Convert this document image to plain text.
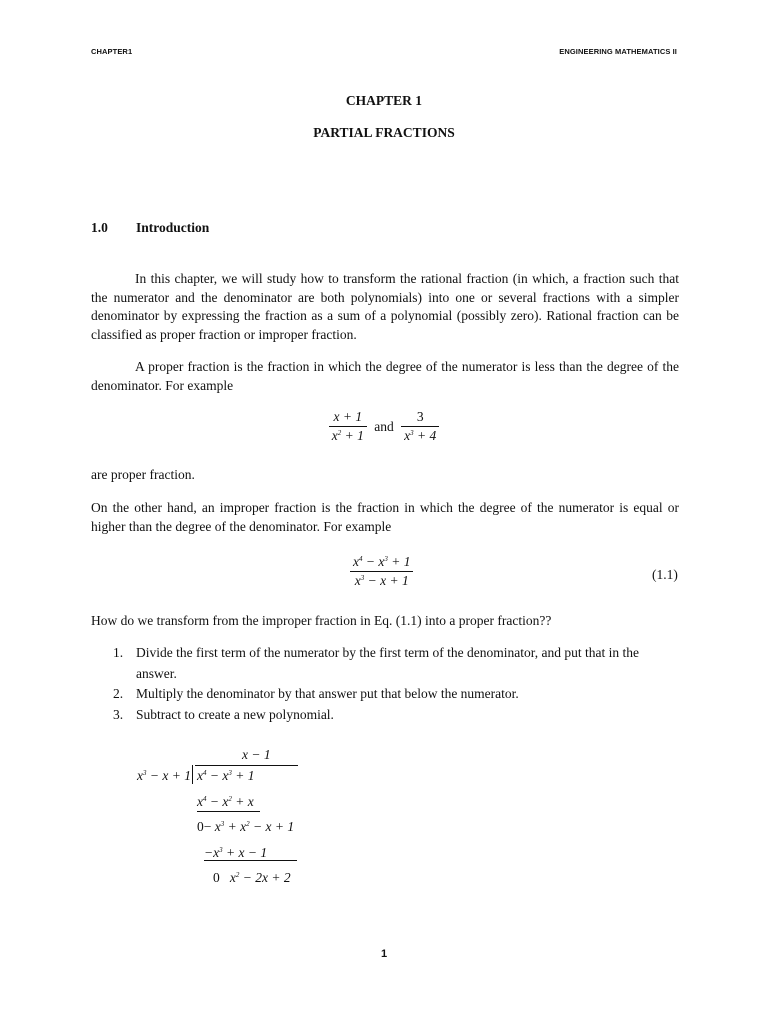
CHAPTER1	ENGINEERING MATHEMATICS II
CHAPTER 1
PARTIAL FRACTIONS
1.0 Introduction
In this chapter, we will study how to transform the rational fraction (in which, a fraction such that the numerator and the denominator are both polynomials) into one or several fractions with a simpler denominator by expressing the fraction as a sum of a polynomial (possibly zero). Rational fraction can be classified as proper fraction or improper fraction.
A proper fraction is the fraction in which the degree of the numerator is less than the degree of the denominator. For example
$\frac{x + 1}{x^2 + 1}$ and $\frac{3}{x^3 + 4}$
are proper fraction.
On the other hand, an improper fraction is the fraction in which the degree of the numerator is equal or higher than the degree of the denominator. For example
$\frac{x^4 - x^3 + 1}{x^3 - x + 1}$	(1.1)
How do we transform from the improper fraction in Eq. (1.1) into a proper fraction??
1. Divide the first term of the numerator by the first term of the denominator, and put that in the answer.
2. Multiply the denominator by that answer put that below the numerator.
3. Subtract to create a new polynomial.
x − 1
$x^3 - x + 1$ $x^4 - x^3 + 1$
$x^4 - x^2 + x$
$0- x^3 + x^2 - x + 1$
$-x^3 + x - 1$
0   $x^2 - 2x + 2$
1
